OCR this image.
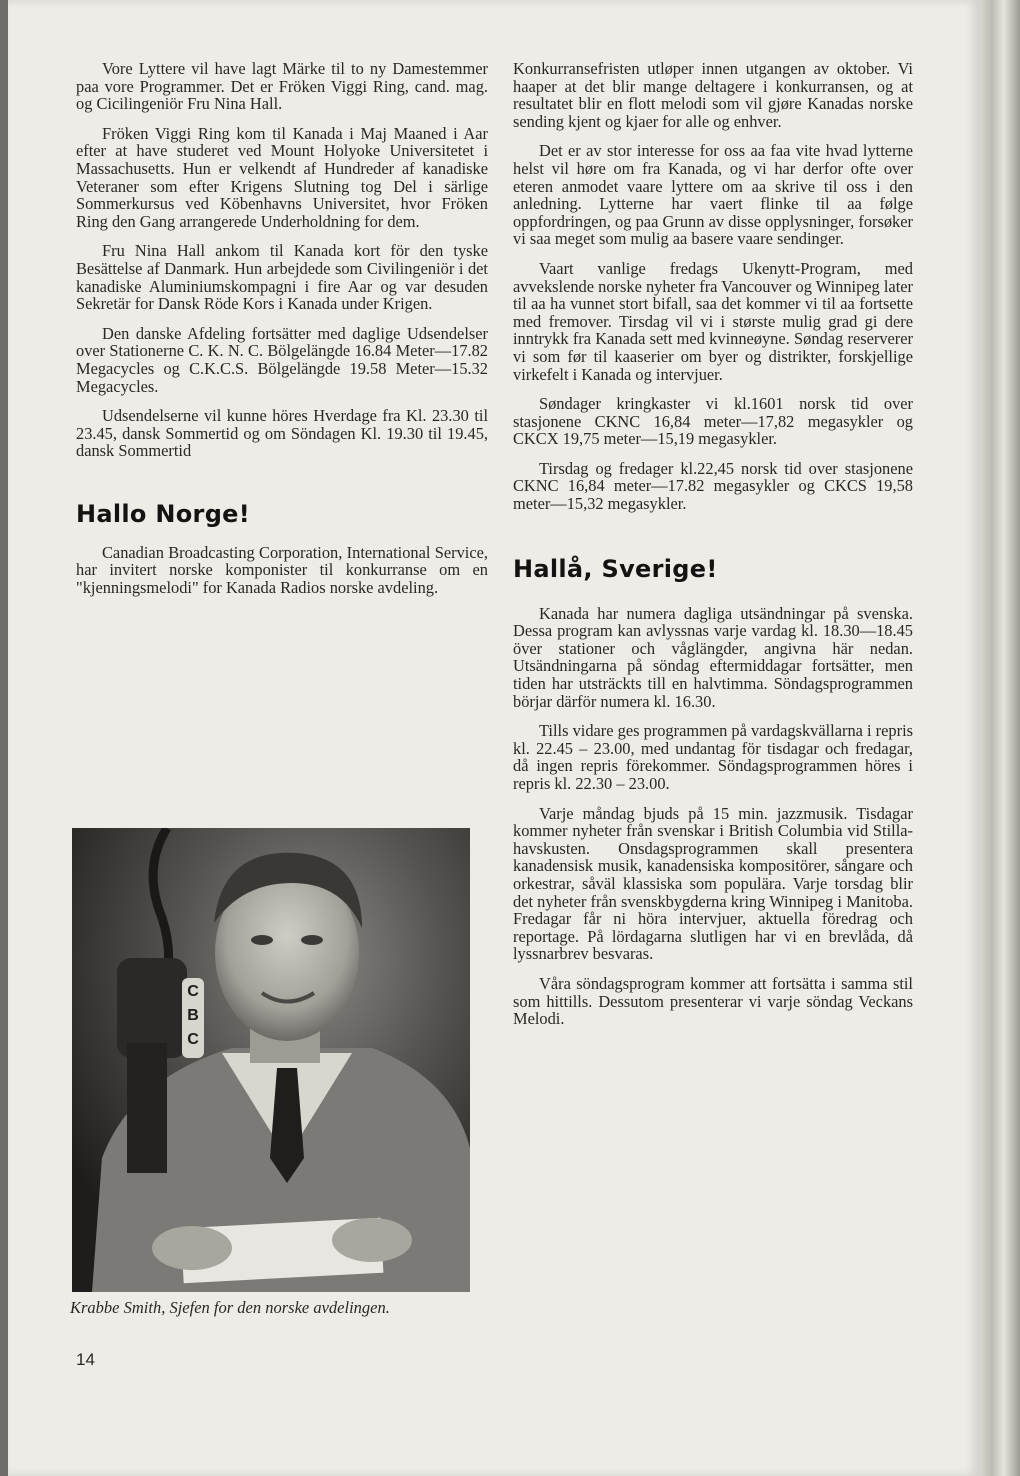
Vore Lyttere vil have lagt Märke til to ny Damestemmer paa vore Programmer. Det er Fröken Viggi Ring, cand. mag. og Cicilingeniör Fru Nina Hall.

Fröken Viggi Ring kom til Kanada i Maj Maaned i Aar efter at have studeret ved Mount Holyoke Universitetet i Massachusetts. Hun er velkendt af Hundreder af kanadiske Veteraner som efter Krigens Slutning tog Del i särlige Sommerkursus ved Köbenhavns Universitet, hvor Fröken Ring den Gang arrangerede Underholdning for dem.

Fru Nina Hall ankom til Kanada kort för den tyske Besättelse af Danmark. Hun arbejdede som Civilingeniör i det kanadiske Aluminiumskompagni i fire Aar og var desuden Sekretär for Dansk Röde Kors i Kanada under Krigen.

Den danske Afdeling fortsätter med daglige Udsendelser over Stationerne C. K. N. C. Bölgelängde 16.84 Meter—17.82 Megacycles og C.K.C.S. Bölgelängde 19.58 Meter—15.32 Megacycles.

Udsendelserne vil kunne höres Hverdage fra Kl. 23.30 til 23.45, dansk Sommertid og om Söndagen Kl. 19.30 til 19.45, dansk Sommertid

Hallo Norge!

Canadian Broadcasting Corporation, International Service, har invitert norske komponister til konkurranse om en "kjenningsmelodi" for Kanada Radios norske avdeling.

CBC
Krabbe Smith, Sjefen for den norske avdelingen.
14

Konkurransefristen utløper innen utgangen av oktober. Vi haaper at det blir mange deltagere i konkurransen, og at resultatet blir en flott melodi som vil gjøre Kanadas norske sending kjent og kjaer for alle og enhver.

Det er av stor interesse for oss aa faa vite hvad lytterne helst vil høre om fra Kanada, og vi har derfor ofte over eteren anmodet vaare lyttere om aa skrive til oss i den anledning. Lytterne har vaert flinke til aa følge oppfordringen, og paa Grunn av disse opplysninger, forsøker vi saa meget som mulig aa basere vaare sendinger.

Vaart vanlige fredags Ukenytt-Program, med avvekslende norske nyheter fra Vancouver og Winnipeg later til aa ha vunnet stort bifall, saa det kommer vi til aa fortsette med fremover. Tirsdag vil vi i største mulig grad gi dere inntrykk fra Kanada sett med kvinneøyne. Søndag reserverer vi som før til kaaserier om byer og distrikter, forskjellige virkefelt i Kanada og intervjuer.

Søndager kringkaster vi kl.1601 norsk tid over stasjonene CKNC 16,84 meter—17,82 megasykler og CKCX 19,75 meter—15,19 megasykler.

Tirsdag og fredager kl.22,45 norsk tid over stasjonene CKNC 16,84 meter—17.82 megasykler og CKCS 19,58 meter—15,32 megasykler.

Hallå, Sverige!

Kanada har numera dagliga utsändningar på svenska. Dessa program kan avlyssnas varje vardag kl. 18.30—18.45 över stationer och våglängder, angivna här nedan. Utsändningarna på söndag eftermiddagar fortsätter, men tiden har utsträckts till en halvtimma. Söndagsprogrammen börjar därför numera kl. 16.30.

Tills vidare ges programmen på vardagskvällarna i repris kl. 22.45 – 23.00, med undantag för tisdagar och fredagar, då ingen repris förekommer. Söndagsprogrammen höres i repris kl. 22.30 – 23.00.

Varje måndag bjuds på 15 min. jazzmusik. Tisdagar kommer nyheter från svenskar i British Columbia vid Stilla-havskusten. Onsdagsprogrammen skall presentera kanadensisk musik, kanadensiska kompositörer, sångare och orkestrar, såväl klassiska som populära. Varje torsdag blir det nyheter från svenskbygderna kring Winnipeg i Manitoba. Fredagar får ni höra intervjuer, aktuella föredrag och reportage. På lördagarna slutligen har vi en brevlåda, då lyssnarbrev besvaras.

Våra söndagsprogram kommer att fortsätta i samma stil som hittills. Dessutom presenterar vi varje söndag Veckans Melodi.
